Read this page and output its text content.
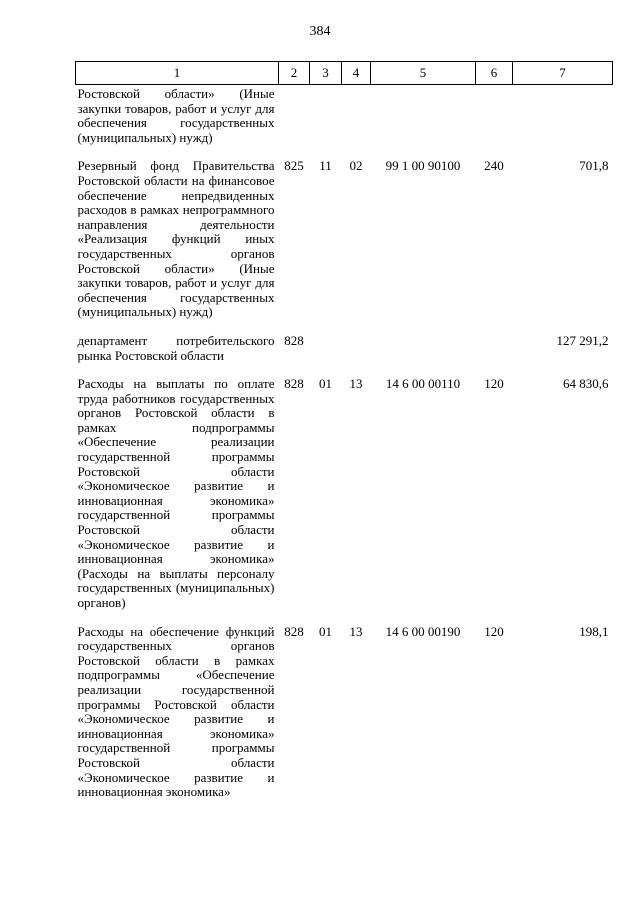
384
1	2	3	4	5	6	7
Ростовской области» (Иные закупки товаров, работ и услуг для обеспечения государственных (муниципальных) нужд)						

Резервный фонд Правительства Ростовской области на финансовое обеспечение непредвиденных расходов в рамках непрограммного направления деятельности «Реализация функций иных государственных органов Ростовской области» (Иные закупки товаров, работ и услуг для обеспечения государственных (муниципальных) нужд)	825	11	02	99 1 00 90100	240	701,8

департамент потребительского рынка Ростовской области	828					127 291,2

Расходы на выплаты по оплате труда работников государственных органов Ростовской области в рамках подпрограммы «Обеспечение реализации государственной программы Ростовской области «Экономическое развитие и инновационная экономика» государственной программы Ростовской области «Экономическое развитие и инновационная экономика» (Расходы на выплаты персоналу государственных (муниципальных) органов)	828	01	13	14 6 00 00110	120	64 830,6

Расходы на обеспечение функций государственных органов Ростовской области в рамках подпрограммы «Обеспечение реализации государственной программы Ростовской области «Экономическое развитие и инновационная экономика» государственной программы Ростовской области «Экономическое развитие и инновационная экономика»	828	01	13	14 6 00 00190	120	198,1
